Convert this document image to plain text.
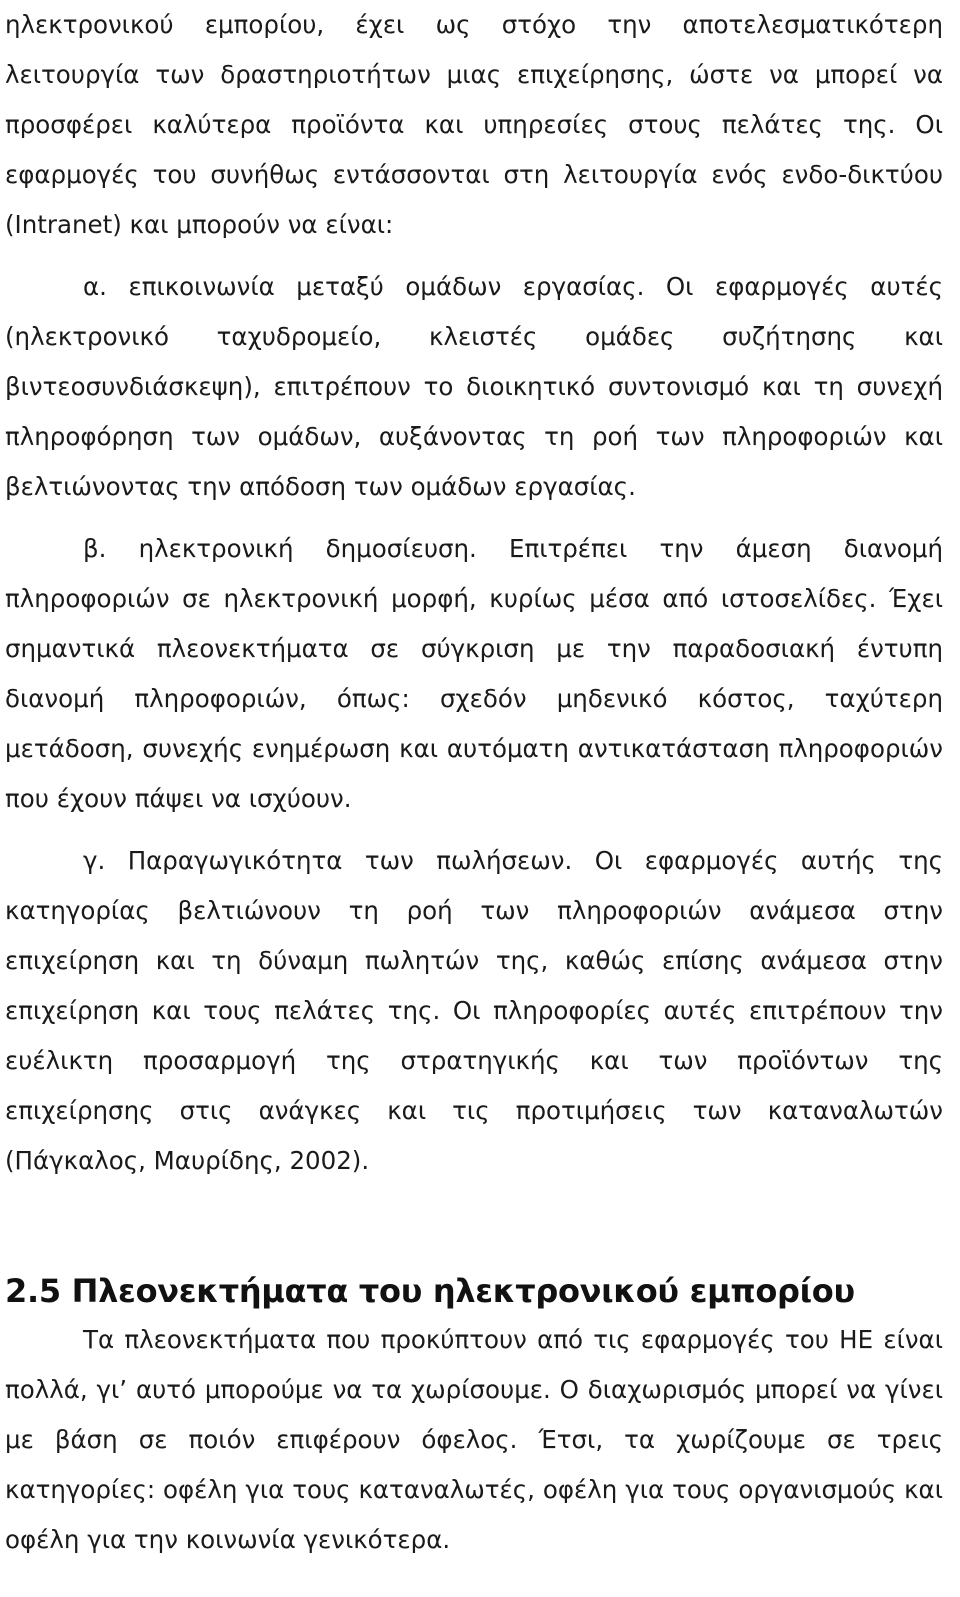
ηλεκτρονικού εμπορίου, έχει ως στόχο την αποτελεσματικότερη λειτουργία των δραστηριοτήτων μιας επιχείρησης, ώστε να μπορεί να προσφέρει καλύτερα προϊόντα και υπηρεσίες στους πελάτες της. Οι εφαρμογές του συνήθως εντάσσονται στη λειτουργία ενός ενδο-δικτύου (Intranet) και μπορούν να είναι:

α. επικοινωνία μεταξύ ομάδων εργασίας. Οι εφαρμογές αυτές (ηλεκτρονικό ταχυδρομείο, κλειστές ομάδες συζήτησης και βιντεοσυνδιάσκεψη), επιτρέπουν το διοικητικό συντονισμό και τη συνεχή πληροφόρηση των ομάδων, αυξάνοντας τη ροή των πληροφοριών και βελτιώνοντας την απόδοση των ομάδων εργασίας.

β. ηλεκτρονική δημοσίευση. Επιτρέπει την άμεση διανομή πληροφοριών σε ηλεκτρονική μορφή, κυρίως μέσα από ιστοσελίδες. Έχει σημαντικά πλεονεκτήματα σε σύγκριση με την παραδοσιακή έντυπη διανομή πληροφοριών, όπως: σχεδόν μηδενικό κόστος, ταχύτερη μετάδοση, συνεχής ενημέρωση και αυτόματη αντικατάσταση πληροφοριών που έχουν πάψει να ισχύουν.

γ. Παραγωγικότητα των πωλήσεων. Οι εφαρμογές αυτής της κατηγορίας βελτιώνουν τη ροή των πληροφοριών ανάμεσα στην επιχείρηση και τη δύναμη πωλητών της, καθώς επίσης ανάμεσα στην επιχείρηση και τους πελάτες της. Οι πληροφορίες αυτές επιτρέπουν την ευέλικτη προσαρμογή της στρατηγικής και των προϊόντων της επιχείρησης στις ανάγκες και τις προτιμήσεις των καταναλωτών (Πάγκαλος, Μαυρίδης, 2002).

2.5 Πλεονεκτήματα του ηλεκτρονικού εμπορίου

Τα πλεονεκτήματα που προκύπτουν από τις εφαρμογές του ΗΕ είναι πολλά, γι’ αυτό μπορούμε να τα χωρίσουμε. Ο διαχωρισμός μπορεί να γίνει με βάση σε ποιόν επιφέρουν όφελος. Έτσι, τα χωρίζουμε σε τρεις κατηγορίες: οφέλη για τους καταναλωτές, οφέλη για τους οργανισμούς και οφέλη για την κοινωνία γενικότερα.
